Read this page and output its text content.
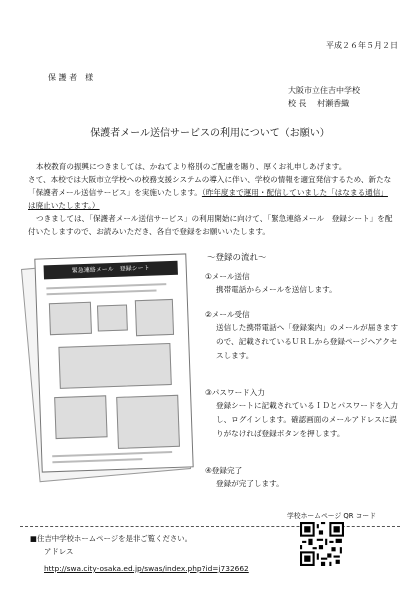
平成２６年５月２日
保 護 者　様
大阪市立住吉中学校
校 長　 村瀬香織
保護者メール送信サービスの利用について（お願い）
本校教育の振興につきましては、かねてより格別のご配慮を賜り、厚くお礼申しあげます。
さて、本校では大阪市立学校への校務支援システムの導入に伴い、学校の情報を適宜発信するため、新たな「保護者メール送信サービス」を実施いたします。（昨年度まで運用・配信していました「はなまる通信」は廃止いたします。）
つきましては、「保護者メール送信サービス」の利用開始に向けて、「緊急連絡メール　登録シート」を配付いたしますので、お読みいただき、各自で登録をお願いいたします。
緊急連絡メール　登録シート
～登録の流れ～
①メール送信
携帯電話からメールを送信します。
②メール受信
送信した携帯電話へ「登録案内」のメールが届きますので、記載されているＵＲＬから登録ページへアクセスします。
③パスワード入力
登録シートに記載されているＩＤとパスワードを入力し、ログインします。確認画面のメールアドレスに誤りがなければ登録ボタンを押します。
④登録完了
登録が完了します。
■住吉中学校ホームページを是非ご覧ください。
アドレス
http://swa.city-osaka.ed.jp/swas/index.php?id=j732662
学校ホームページ QR コード
